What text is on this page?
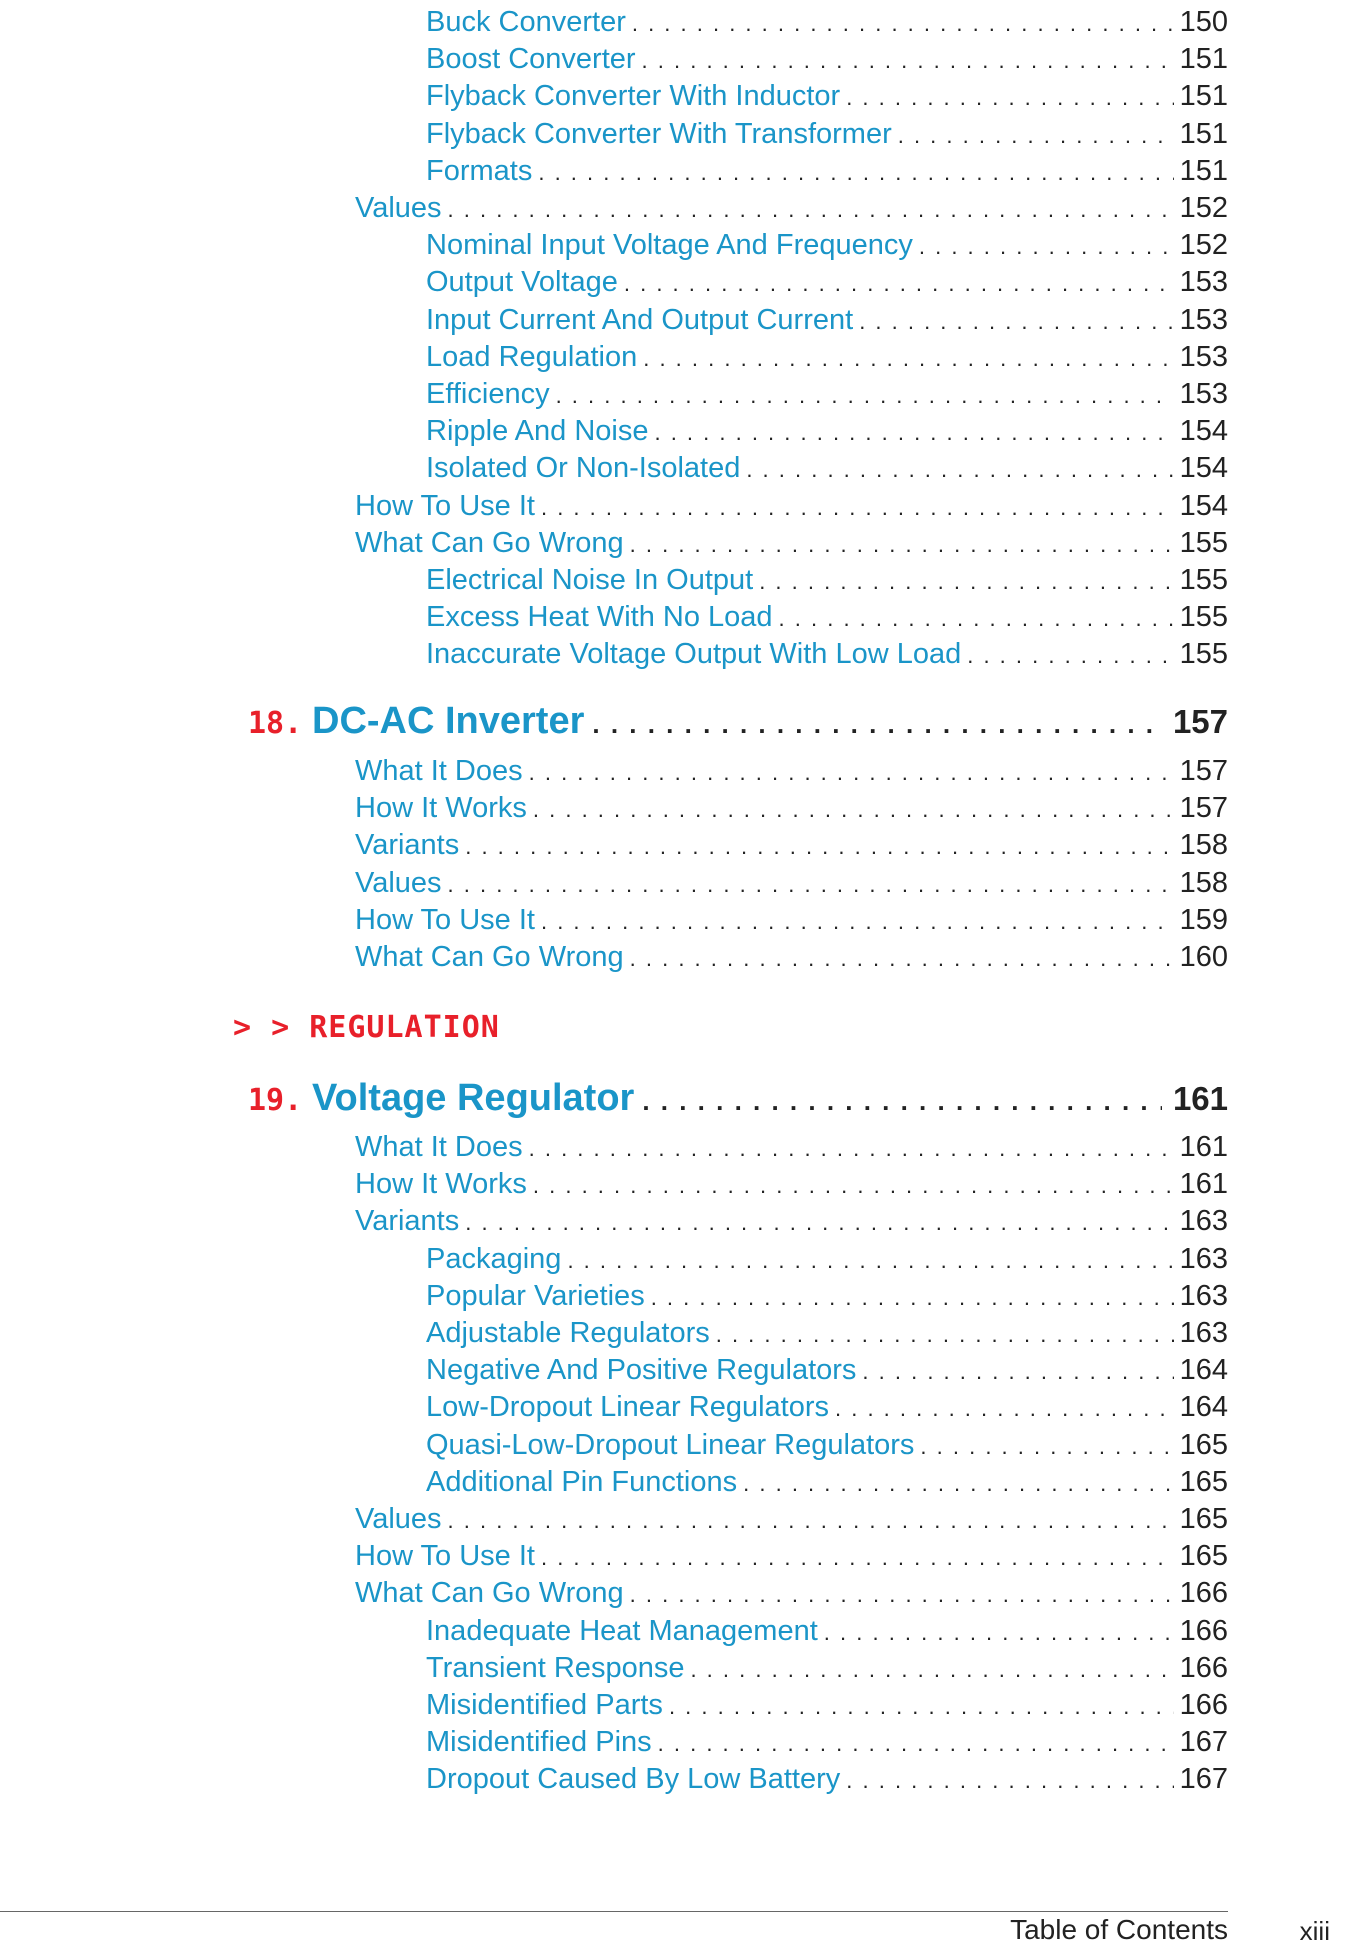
Buck Converter . . .	150
Boost Converter . . .	151
Flyback Converter With Inductor . . .	151
Flyback Converter With Transformer . . .	151
Formats . . .	151
Values . . .	152
Nominal Input Voltage And Frequency . . .	152
Output Voltage . . .	153
Input Current And Output Current . . .	153
Load Regulation . . .	153
Efficiency . . .	153
Ripple And Noise . . .	154
Isolated Or Non-Isolated . . .	154
How To Use It . . .	154
What Can Go Wrong . . .	155
Electrical Noise In Output . . .	155
Excess Heat With No Load . . .	155
Inaccurate Voltage Output With Low Load . . .	155
18. DC-AC Inverter . . .	157
What It Does . . .	157
How It Works . . .	157
Variants . . .	158
Values . . .	158
How To Use It . . .	159
What Can Go Wrong . . .	160
> > REGULATION
19. Voltage Regulator . . .	161
What It Does . . .	161
How It Works . . .	161
Variants . . .	163
Packaging . . .	163
Popular Varieties . . .	163
Adjustable Regulators . . .	163
Negative And Positive Regulators . . .	164
Low-Dropout Linear Regulators . . .	164
Quasi-Low-Dropout Linear Regulators . . .	165
Additional Pin Functions . . .	165
Values . . .	165
How To Use It . . .	165
What Can Go Wrong . . .	166
Inadequate Heat Management . . .	166
Transient Response . . .	166
Misidentified Parts . . .	166
Misidentified Pins . . .	167
Dropout Caused By Low Battery . . .	167
Table of Contents	xiii
